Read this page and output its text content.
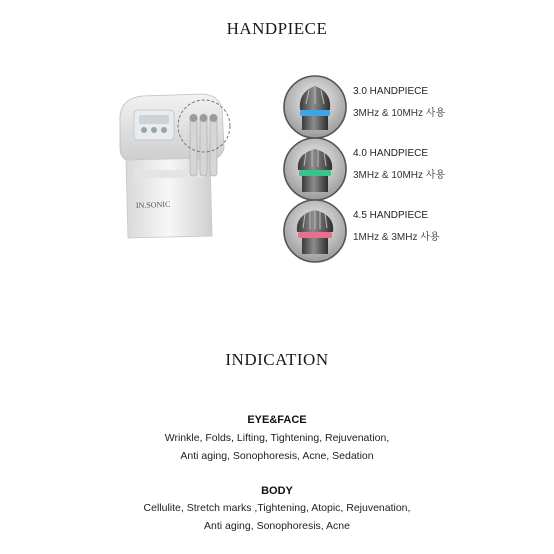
HANDPIECE
IN.SONIC
3.0 HANDPIECE
3MHz & 10MHz 사용
4.0 HANDPIECE
3MHz & 10MHz 사용
4.5 HANDPIECE
1MHz & 3MHz 사용
INDICATION
EYE&FACE
Wrinkle, Folds, Lifting, Tightening, Rejuvenation,
Anti aging, Sonophoresis, Acne, Sedation
BODY
Cellulite, Stretch marks ,Tightening, Atopic, Rejuvenation,
Anti aging, Sonophoresis, Acne
